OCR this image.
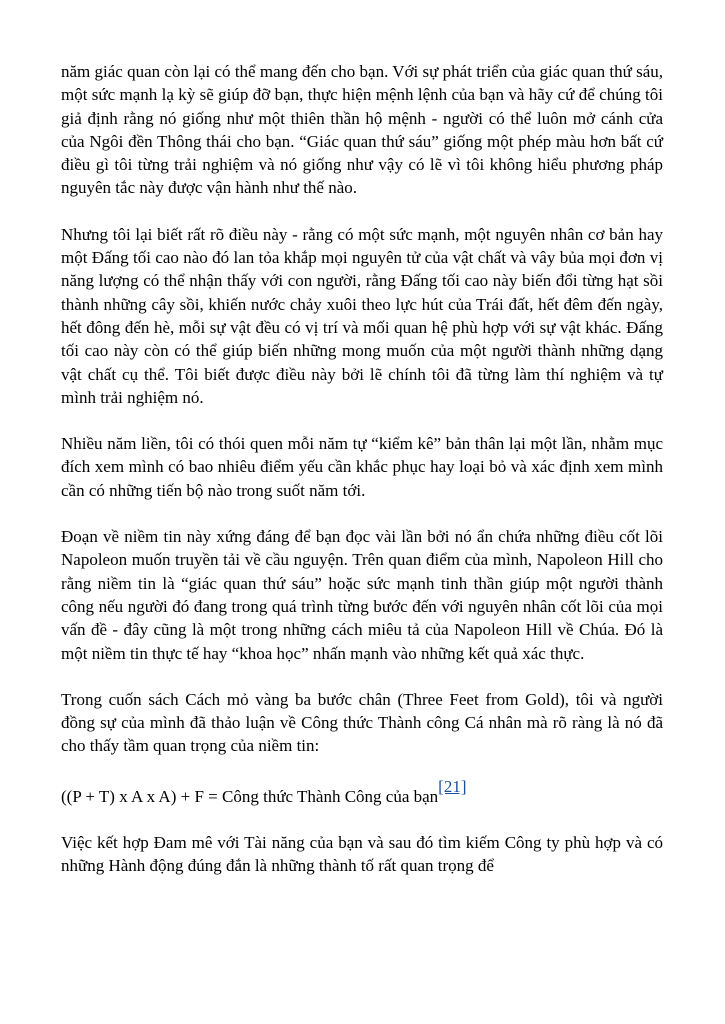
năm giác quan còn lại có thể mang đến cho bạn. Với sự phát triển của giác quan thứ sáu, một sức mạnh lạ kỳ sẽ giúp đỡ bạn, thực hiện mệnh lệnh của bạn và hãy cứ để chúng tôi giả định rằng nó giống như một thiên thần hộ mệnh - người có thể luôn mở cánh cửa của Ngôi đền Thông thái cho bạn. “Giác quan thứ sáu” giống một phép màu hơn bất cứ điều gì tôi từng trải nghiệm và nó giống như vậy có lẽ vì tôi không hiểu phương pháp nguyên tắc này được vận hành như thế nào.

Nhưng tôi lại biết rất rõ điều này - rằng có một sức mạnh, một nguyên nhân cơ bản hay một Đấng tối cao nào đó lan tỏa khắp mọi nguyên tử của vật chất và vây bủa mọi đơn vị năng lượng có thể nhận thấy với con người, rằng Đấng tối cao này biến đổi từng hạt sồi thành những cây sồi, khiến nước chảy xuôi theo lực hút của Trái đất, hết đêm đến ngày, hết đông đến hè, mỗi sự vật đều có vị trí và mối quan hệ phù hợp với sự vật khác. Đấng tối cao này còn có thể giúp biến những mong muốn của một người thành những dạng vật chất cụ thể. Tôi biết được điều này bởi lẽ chính tôi đã từng làm thí nghiệm và tự mình trải nghiệm nó.

Nhiều năm liền, tôi có thói quen mỗi năm tự “kiểm kê” bản thân lại một lần, nhằm mục đích xem mình có bao nhiêu điểm yếu cần khắc phục hay loại bỏ và xác định xem mình cần có những tiến bộ nào trong suốt năm tới.

Đoạn về niềm tin này xứng đáng để bạn đọc vài lần bởi nó ẩn chứa những điều cốt lõi Napoleon muốn truyền tải về cầu nguyện. Trên quan điểm của mình, Napoleon Hill cho rằng niềm tin là “giác quan thứ sáu” hoặc sức mạnh tinh thần giúp một người thành công nếu người đó đang trong quá trình từng bước đến với nguyên nhân cốt lõi của mọi vấn đề - đây cũng là một trong những cách miêu tả của Napoleon Hill về Chúa. Đó là một niềm tin thực tế hay “khoa học” nhấn mạnh vào những kết quả xác thực.

Trong cuốn sách Cách mỏ vàng ba bước chân (Three Feet from Gold), tôi và người đồng sự của mình đã thảo luận về Công thức Thành công Cá nhân mà rõ ràng là nó đã cho thấy tầm quan trọng của niềm tin:

((P + T) x A x A) + F = Công thức Thành Công của bạn[21]

Việc kết hợp Đam mê với Tài năng của bạn và sau đó tìm kiếm Công ty phù hợp và có những Hành động đúng đắn là những thành tố rất quan trọng để
